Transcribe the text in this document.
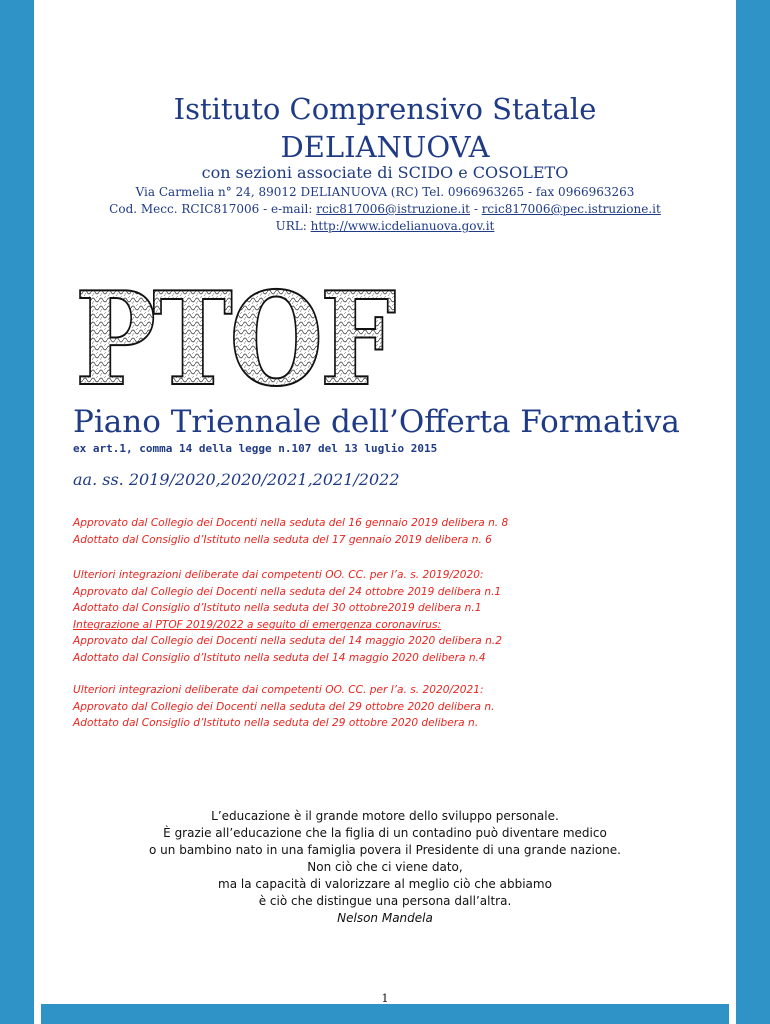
Istituto Comprensivo Statale
DELIANUOVA
con sezioni associate di SCIDO e COSOLETO
Via Carmelia n° 24, 89012 DELIANUOVA (RC) Tel. 0966963265 - fax 0966963263
Cod. Mecc. RCIC817006 - e-mail: rcic817006@istruzione.it - rcic817006@pec.istruzione.it
URL: http://www.icdelianuova.gov.it
PTOF
Piano Triennale dell’Offerta Formativa
ex art.1, comma 14 della legge n.107 del 13 luglio 2015
aa. ss. 2019/2020,2020/2021,2021/2022
Approvato dal Collegio dei Docenti nella seduta del 16 gennaio 2019 delibera n. 8
Adottato dal Consiglio d’Istituto nella seduta del 17 gennaio 2019 delibera n. 6
Ulteriori integrazioni deliberate dai competenti OO. CC. per l’a. s. 2019/2020:
Approvato dal Collegio dei Docenti nella seduta del 24 ottobre 2019 delibera n.1
Adottato dal Consiglio d’Istituto nella seduta del 30 ottobre2019 delibera n.1
Integrazione al PTOF 2019/2022 a seguito di emergenza coronavirus:
Approvato dal Collegio dei Docenti nella seduta del 14 maggio 2020 delibera n.2
Adottato dal Consiglio d’Istituto nella seduta del 14 maggio 2020 delibera n.4
Ulteriori integrazioni deliberate dai competenti OO. CC. per l’a. s. 2020/2021:
Approvato dal Collegio dei Docenti nella seduta del 29 ottobre 2020 delibera n.
Adottato dal Consiglio d’Istituto nella seduta del 29 ottobre 2020 delibera n.
L’educazione è il grande motore dello sviluppo personale.
È grazie all’educazione che la figlia di un contadino può diventare medico
o un bambino nato in una famiglia povera il Presidente di una grande nazione.
Non ciò che ci viene dato,
ma la capacità di valorizzare al meglio ciò che abbiamo
è ciò che distingue una persona dall’altra.
Nelson Mandela
1
